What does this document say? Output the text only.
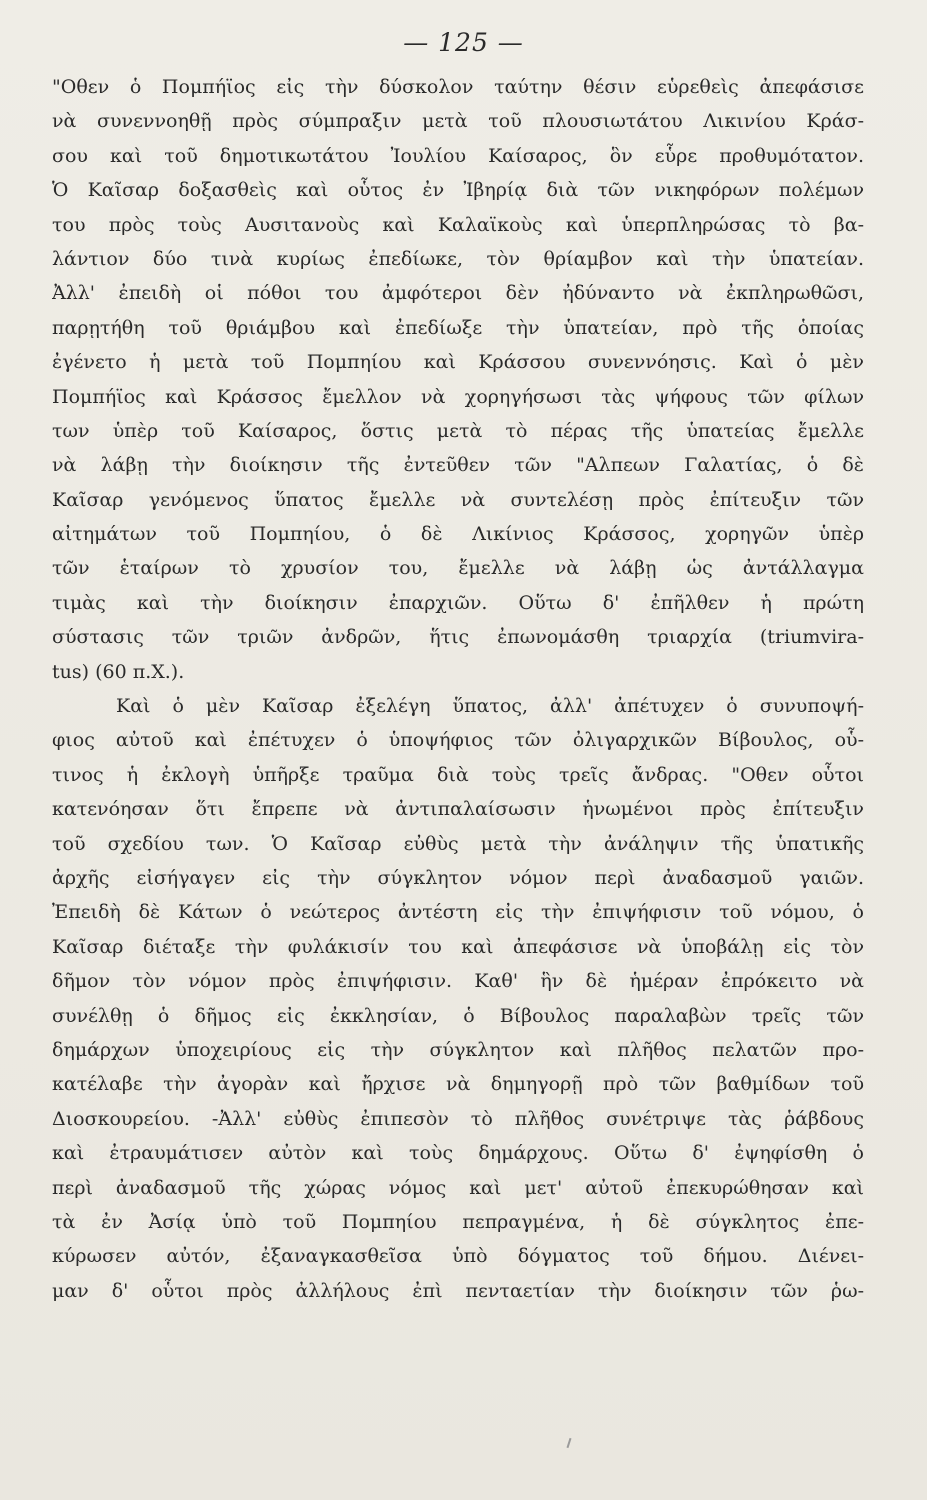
— 125 —
"Οθεν ὁ Πομπήϊος εἰς τὴν δύσκολον ταύτην θέσιν εὑρεθεὶς ἀπεφάσισε
νὰ συνεννοηθῇ πρὸς σύμπραξιν μετὰ τοῦ πλουσιωτάτου Λικινίου Κράσ-
σου καὶ τοῦ δημοτικωτάτου Ἰουλίου Καίσαρος, ὃν εὗρε προθυμότατον.
Ὁ Καῖσαρ δοξασθεὶς καὶ οὗτος ἐν Ἰβηρίᾳ διὰ τῶν νικηφόρων πολέμων
του πρὸς τοὺς Αυσιτανοὺς καὶ Καλαϊκοὺς καὶ ὑπερπληρώσας τὸ βα-
λάντιον δύο τινὰ κυρίως ἐπεδίωκε, τὸν θρίαμβον καὶ τὴν ὑπατείαν.
Ἀλλ' ἐπειδὴ οἱ πόθοι του ἀμφότεροι δὲν ἠδύναντο νὰ ἐκπληρωθῶσι,
παρῃτήθη τοῦ θριάμβου καὶ ἐπεδίωξε τὴν ὑπατείαν, πρὸ τῆς ὁποίας
ἐγένετο ἡ μετὰ τοῦ Πομπηίου καὶ Κράσσου συνεννόησις. Καὶ ὁ μὲν
Πομπήϊος καὶ Κράσσος ἔμελλον νὰ χορηγήσωσι τὰς ψήφους τῶν φίλων
των ὑπὲρ τοῦ Καίσαρος, ὅστις μετὰ τὸ πέρας τῆς ὑπατείας ἔμελλε
νὰ λάβῃ τὴν διοίκησιν τῆς ἐντεῦθεν τῶν "Αλπεων Γαλατίας, ὁ δὲ
Καῖσαρ γενόμενος ὕπατος ἔμελλε νὰ συντελέσῃ πρὸς ἐπίτευξιν τῶν
αἰτημάτων τοῦ Πομπηίου, ὁ δὲ Λικίνιος Κράσσος, χορηγῶν ὑπὲρ
τῶν ἑταίρων τὸ χρυσίον του, ἔμελλε νὰ λάβῃ ὡς ἀντάλλαγμα
τιμὰς καὶ τὴν διοίκησιν ἐπαρχιῶν. Οὕτω δ' ἐπῆλθεν ἡ πρώτη
σύστασις τῶν τριῶν ἀνδρῶν, ἥτις ἐπωνομάσθη τριαρχία (triumvira-
tus) (60 π.Χ.).
Καὶ ὁ μὲν Καῖσαρ ἐξελέγη ὕπατος, ἀλλ' ἀπέτυχεν ὁ συνυποψή-
φιος αὐτοῦ καὶ ἐπέτυχεν ὁ ὑποψήφιος τῶν ὀλιγαρχικῶν Βίβουλος, οὗ-
τινος ἡ ἐκλογὴ ὑπῆρξε τραῦμα διὰ τοὺς τρεῖς ἄνδρας. "Οθεν οὗτοι
κατενόησαν ὅτι ἔπρεπε νὰ ἀντιπαλαίσωσιν ἡνωμένοι πρὸς ἐπίτευξιν
τοῦ σχεδίου των. Ὁ Καῖσαρ εὐθὺς μετὰ τὴν ἀνάληψιν τῆς ὑπατικῆς
ἀρχῆς εἰσήγαγεν εἰς τὴν σύγκλητον νόμον περὶ ἀναδασμοῦ γαιῶν.
Ἐπειδὴ δὲ Κάτων ὁ νεώτερος ἀντέστη εἰς τὴν ἐπιψήφισιν τοῦ νόμου, ὁ
Καῖσαρ διέταξε τὴν φυλάκισίν του καὶ ἀπεφάσισε νὰ ὑποβάλῃ εἰς τὸν
δῆμον τὸν νόμον πρὸς ἐπιψήφισιν. Καθ' ἣν δὲ ἡμέραν ἐπρόκειτο νὰ
συνέλθῃ ὁ δῆμος εἰς ἐκκλησίαν, ὁ Βίβουλος παραλαβὼν τρεῖς τῶν
δημάρχων ὑποχειρίους εἰς τὴν σύγκλητον καὶ πλῆθος πελατῶν προ-
κατέλαβε τὴν ἀγορὰν καὶ ἤρχισε νὰ δημηγορῇ πρὸ τῶν βαθμίδων τοῦ
Διοσκουρείου. -Ἀλλ' εὐθὺς ἐπιπεσὸν τὸ πλῆθος συνέτριψε τὰς ῥάβδους
καὶ ἐτραυμάτισεν αὐτὸν καὶ τοὺς δημάρχους. Οὕτω δ' ἐψηφίσθη ὁ
περὶ ἀναδασμοῦ τῆς χώρας νόμος καὶ μετ' αὐτοῦ ἐπεκυρώθησαν καὶ
τὰ ἐν Ἀσίᾳ ὑπὸ τοῦ Πομπηίου πεπραγμένα, ἡ δὲ σύγκλητος ἐπε-
κύρωσεν αὐτόν, ἐξαναγκασθεῖσα ὑπὸ δόγματος τοῦ δήμου. Διένει-
μαν δ' οὗτοι πρὸς ἀλλήλους ἐπὶ πενταετίαν τὴν διοίκησιν τῶν ῥω-
